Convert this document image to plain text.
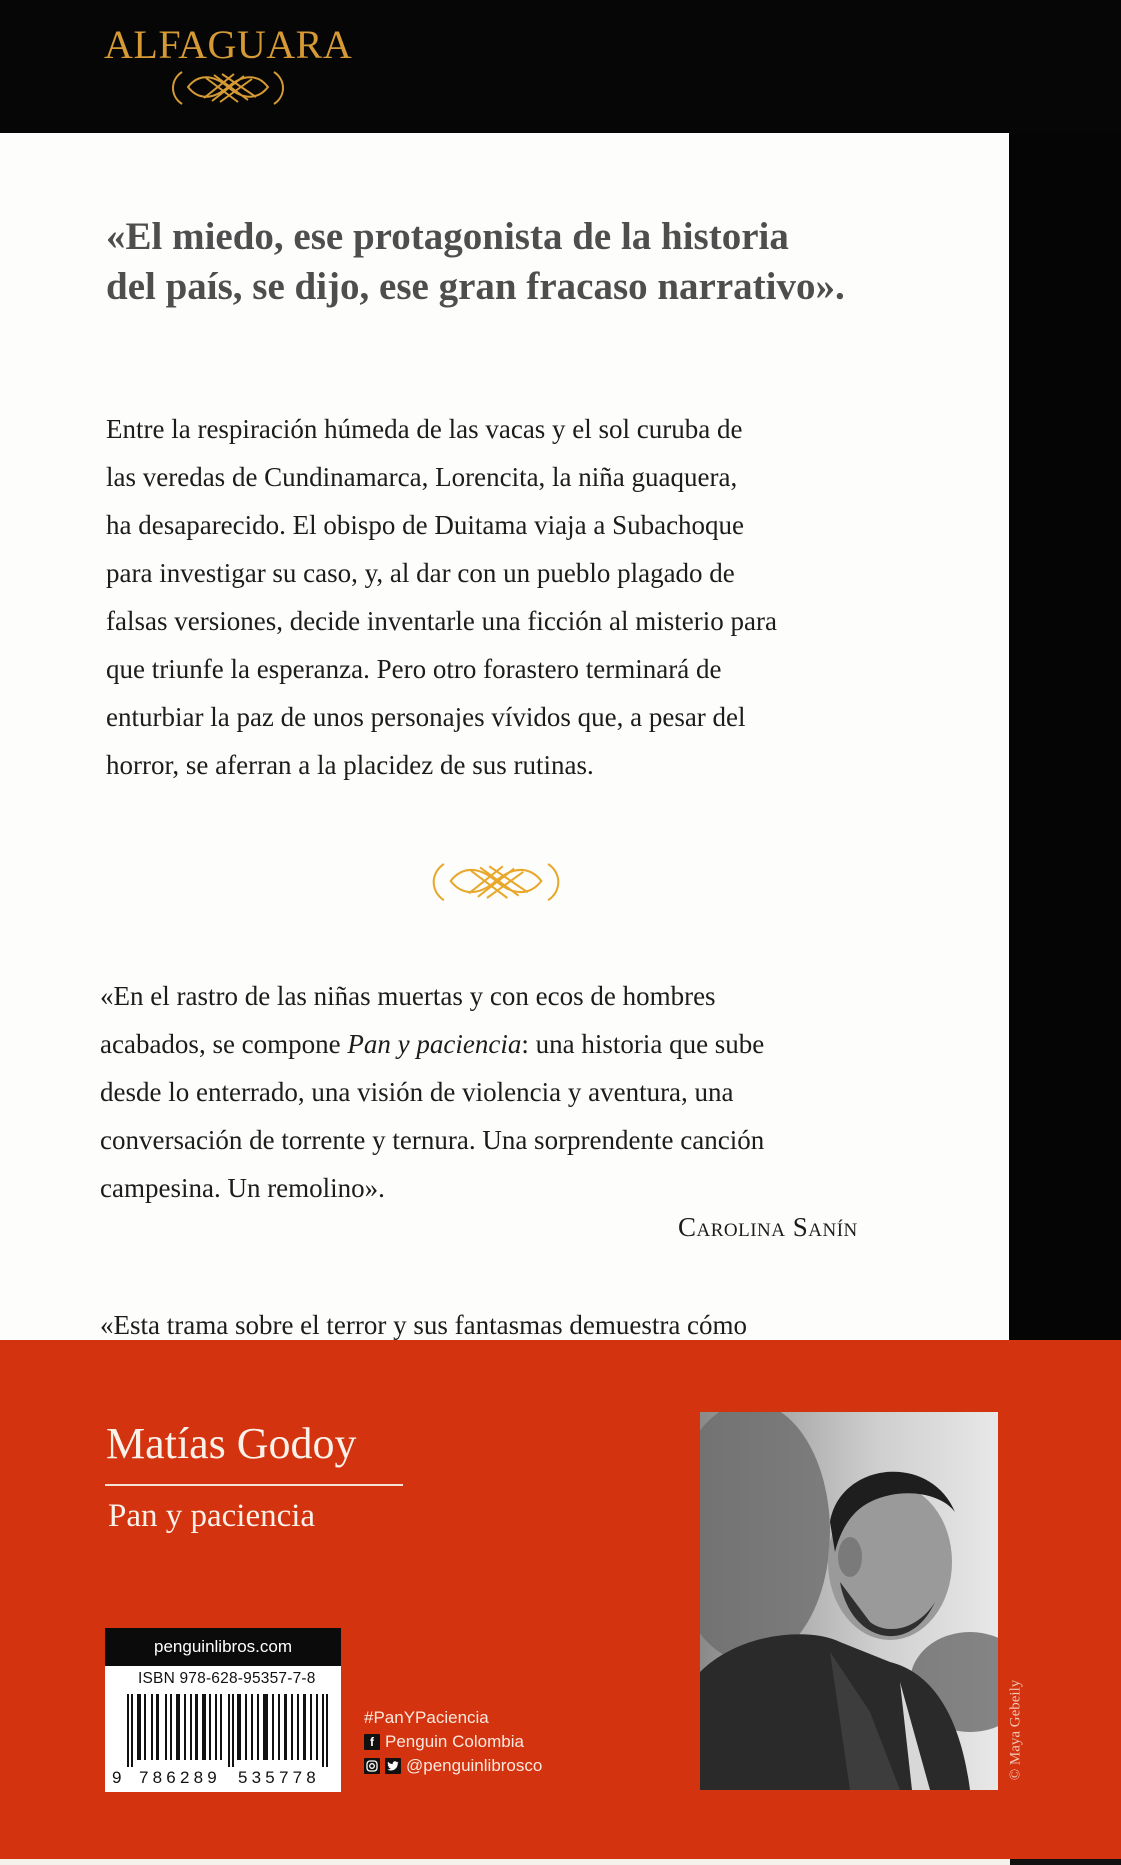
ALFAGUARA
«El miedo, ese protagonista de la historia
del país, se dijo, ese gran fracaso narrativo».
Entre la respiración húmeda de las vacas y el sol curuba de
las veredas de Cundinamarca, Lorencita, la niña guaquera,
ha desaparecido. El obispo de Duitama viaja a Subachoque
para investigar su caso, y, al dar con un pueblo plagado de
falsas versiones, decide inventarle una ficción al misterio para
que triunfe la esperanza. Pero otro forastero terminará de
enturbiar la paz de unos personajes vívidos que, a pesar del
horror, se aferran a la placidez de sus rutinas.
«En el rastro de las niñas muertas y con ecos de hombres
acabados, se compone Pan y paciencia: una historia que sube
desde lo enterrado, una visión de violencia y aventura, una
conversación de torrente y ternura. Una sorprendente canción
campesina. Un remolino».
Carolina Sanín
«Esta trama sobre el terror y sus fantasmas demuestra cómo
Matías Godoy
Pan y paciencia
penguinlibros.com
ISBN 978-628-95357-7-8
9 786289 535778
#PanYPaciencia
f Penguin Colombia
@penguinlibrosco	© Maya Gebeily
